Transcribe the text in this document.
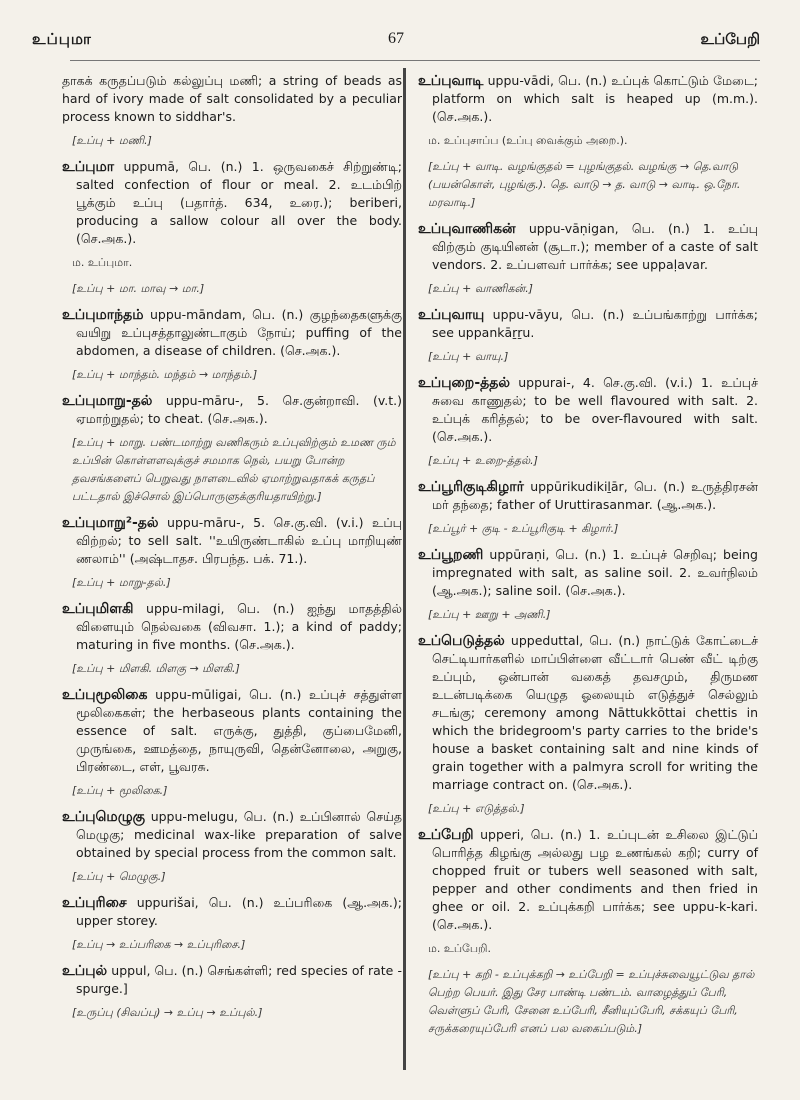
உப்புமா	67	உப்பேறி
தாகக் கருதப்படும் கல்லுப்பு மணி; a string of beads as hard of ivory made of salt consolidated by a peculiar process known to siddhar's.
[உப்பு + மணி.]
உப்புமா uppumā, பெ. (n.) 1. ஒருவகைச் சிற்றுண்டி; salted confection of flour or meal. 2. உடம்பிற் பூக்கும் உப்பு (பதார்த். 634, உரை.); beriberi, producing a sallow colour all over the body. (செ.அக.).
ம. உப்புமா.
[உப்பு + மா. மாவு → மா.]
உப்புமாந்தம் uppu-māndam, பெ. (n.) குழந்தைகளுக்கு வயிறு உப்புசத்தாலுண்டாகும் நோய்; puffing of the abdomen, a disease of children. (செ.அக.).
[உப்பு + மாந்தம். மந்தம் → மாந்தம்.]
உப்புமாறு-தல் uppu-māru-, 5. செ.குன்றாவி. (v.t.) ஏமாற்றுதல்; to cheat. (செ.அக.).
[உப்பு + மாறு. பண்டமாற்று வணிகரும் உப்புவிற்கும் உமண ரும் உப்பின் கொள்ளளவுக்குச் சமமாக நெல், பயறு போன்ற தவசங்களைப் பெறுவது நாளடைவில் ஏமாற்றுவதாகக் கருதப் பட்டதால் இச்சொல் இப்பொருளுக்குரியதாயிற்று.]
உப்புமாறு²-தல் uppu-māru-, 5. செ.கு.வி. (v.i.) உப்பு விற்றல்; to sell salt. ''உயிருண்டாகில் உப்பு மாறியுண் ணலாம்'' (அஷ்டாதச. பிரபந்த. பக். 71.).
[உப்பு + மாறு-தல்.]
உப்புமிளகி uppu-milagi, பெ. (n.) ஐந்து மாதத்தில் விளையும் நெல்வகை (விவசா. 1.); a kind of paddy; maturing in five months. (செ.அக.).
[உப்பு + மிளகி. மிளகு → மிளகி.]
உப்புமூலிகை uppu-mūligai, பெ. (n.) உப்புச் சத்துள்ள மூலிகைகள்; the herbaseous plants containing the essence of salt. எருக்கு, துத்தி, குப்பைமேனி, முருங்கை, ஊமத்தை, நாயுருவி, தென்னோலை, அறுகு, பிரண்டை, எள், பூவரசு.
[உப்பு + மூலிகை.]
உப்புமெழுகு uppu-melugu, பெ. (n.) உப்பினால் செய்த மெழுகு; medicinal wax-like preparation of salve obtained by special process from the common salt.
[உப்பு + மெழுகு.]
உப்புரிசை uppurišai, பெ. (n.) உப்பரிகை (ஆ.அக.); upper storey.
[உப்பு → உப்பரிகை → உப்புரிசை.]
உப்புல் uppul, பெ. (n.) செங்கள்ளி; red species of rate - spurge.]
[உருப்பு (சிவப்பு) → உப்பு → உப்புல்.]
உப்புவாடி uppu-vādi, பெ. (n.) உப்புக் கொட்டும் மேடை; platform on which salt is heaped up (m.m.). (செ.அக.).
ம. உப்புசாப்ப (உப்பு வைக்கும் அறை.).
[உப்பு + வாடி. வழங்குதல் = புழங்குதல். வழங்கு → தெ.வாடு (பயன்கொள், புழங்கு.). தெ. வாடு → த. வாடு → வாடி. ஒ.நோ. மரவாடி.]
உப்புவாணிகன் uppu-vāṇigan, பெ. (n.) 1. உப்பு விற்கும் குடியினன் (சூடா.); member of a caste of salt vendors. 2. உப்பளவர் பார்க்க; see uppaḷavar.
[உப்பு + வாணிகன்.]
உப்புவாயு uppu-vāyu, பெ. (n.) உப்பங்காற்று பார்க்க; see uppankāṟṟu.
[உப்பு + வாயு.]
உப்புறை-த்தல் uppurai-, 4. செ.கு.வி. (v.i.) 1. உப்புச் சுவை காணுதல்; to be well flavoured with salt. 2. உப்புக் கரித்தல்; to be over-flavoured with salt. (செ.அக.).
[உப்பு + உறை-த்தல்.]
உப்பூரிகுடிகிழார் uppūrikudikiḻār, பெ. (n.) உருத்திரசன் மர் தந்தை; father of Uruttirasanmar. (ஆ.அக.).
[உப்பூர் + குடி - உப்பூரிகுடி + கிழார்.]
உப்பூறணி uppūraṇi, பெ. (n.) 1. உப்புச் செறிவு; being impregnated with salt, as saline soil. 2. உவர்நிலம் (ஆ.அக.); saline soil. (செ.அக.).
[உப்பு + ஊறு + அணி.]
உப்பெடுத்தல் uppeduttal, பெ. (n.) நாட்டுக் கோட்டைச் செட்டியார்களில் மாப்பிள்ளை வீட்டார் பெண் வீட் டிற்கு உப்பும், ஒன்பான் வகைத் தவசமும், திருமண உடன்படிக்கை யெழுத ஓலையும் எடுத்துச் செல்லும் சடங்கு; ceremony among Nāttukkōttai chettis in which the bridegroom's party carries to the bride's house a basket containing salt and nine kinds of grain together with a palmyra scroll for writing the marriage contract on. (செ.அக.).
[உப்பு + எடுத்தல்.]
உப்பேறி upperi, பெ. (n.) 1. உப்புடன் உசிலை இட்டுப் பொரித்த கிழங்கு அல்லது பழ உணங்கல் கறி; curry of chopped fruit or tubers well seasoned with salt, pepper and other condiments and then fried in ghee or oil. 2. உப்புக்கறி பார்க்க; see uppu-k-kari. (செ.அக.).
ம. உப்பேறி.
[உப்பு + கறி - உப்புக்கறி → உப்பேறி = உப்புச்சுவையூட்டுவ தால் பெற்ற பெயர். இது சேர பாண்டி பண்டம். வாழைத்துப் பேரி, வெள்ளுப் பேரி, சேனை உப்பேரி, சீனியுப்பேரி, சக்கயுப் பேரி, சருக்கரையுப்பேரி எனப் பல வகைப்படும்.]
